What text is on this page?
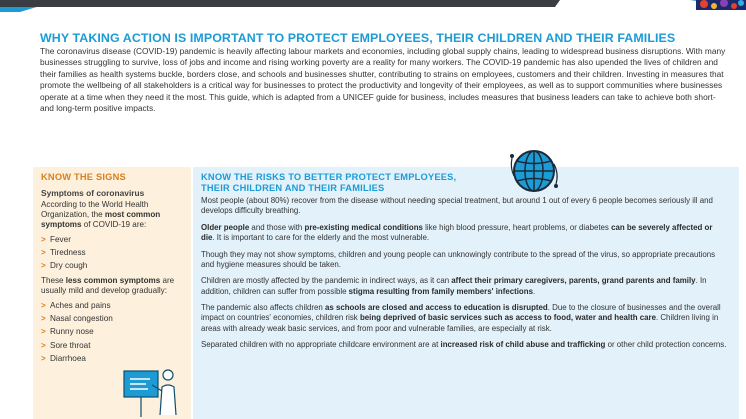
WHY TAKING ACTION IS IMPORTANT TO PROTECT EMPLOYEES, THEIR CHILDREN AND THEIR FAMILIES
The coronavirus disease (COVID-19) pandemic is heavily affecting labour markets and economies, including global supply chains, leading to widespread business disruptions. With many businesses struggling to survive, loss of jobs and income and rising working poverty are a reality for many workers. The COVID-19 pandemic has also upended the lives of children and their families as health systems buckle, borders close, and schools and businesses shutter, contributing to strains on employees, customers and their children. Investing in measures that promote the wellbeing of all stakeholders is a critical way for businesses to protect the productivity and longevity of their employees, as well as to support communities where businesses operate at a time when they need it the most. This guide, which is adapted from a UNICEF guide for business, includes measures that business leaders can take to achieve both short- and long-term positive impacts.
KNOW THE SIGNS
Symptoms of coronavirus

According to the World Health Organization, the most common symptoms of COVID-19 are:

> Fever
> Tiredness
> Dry cough

These less common symptoms are usually mild and develop gradually:

> Aches and pains
> Nasal congestion
> Runny nose
> Sore throat
> Diarrhoea
KNOW THE RISKS TO BETTER PROTECT EMPLOYEES,
THEIR CHILDREN AND THEIR FAMILIES

Most people (about 80%) recover from the disease without needing special treatment, but around 1 out of every 6 people becomes seriously ill and develops difficulty breathing.

Older people and those with pre-existing medical conditions like high blood pressure, heart problems, or diabetes can be severely affected or die. It is important to care for the elderly and the most vulnerable.

Though they may not show symptoms, children and young people can unknowingly contribute to the spread of the virus, so appropriate precautions and hygiene measures should be taken.

Children are mostly affected by the pandemic in indirect ways, as it can affect their primary caregivers, parents, grand parents and family. In addition, children can suffer from possible stigma resulting from family members' infections.

The pandemic also affects children as schools are closed and access to education is disrupted. Due to the closure of businesses and the overall impact on countries' economies, children risk being deprived of basic services such as access to food, water and health care. Children living in areas with already weak basic services, and from poor and vulnerable families, are especially at risk.

Separated children with no appropriate childcare environment are at increased risk of child abuse and trafficking or other child protection concerns.
